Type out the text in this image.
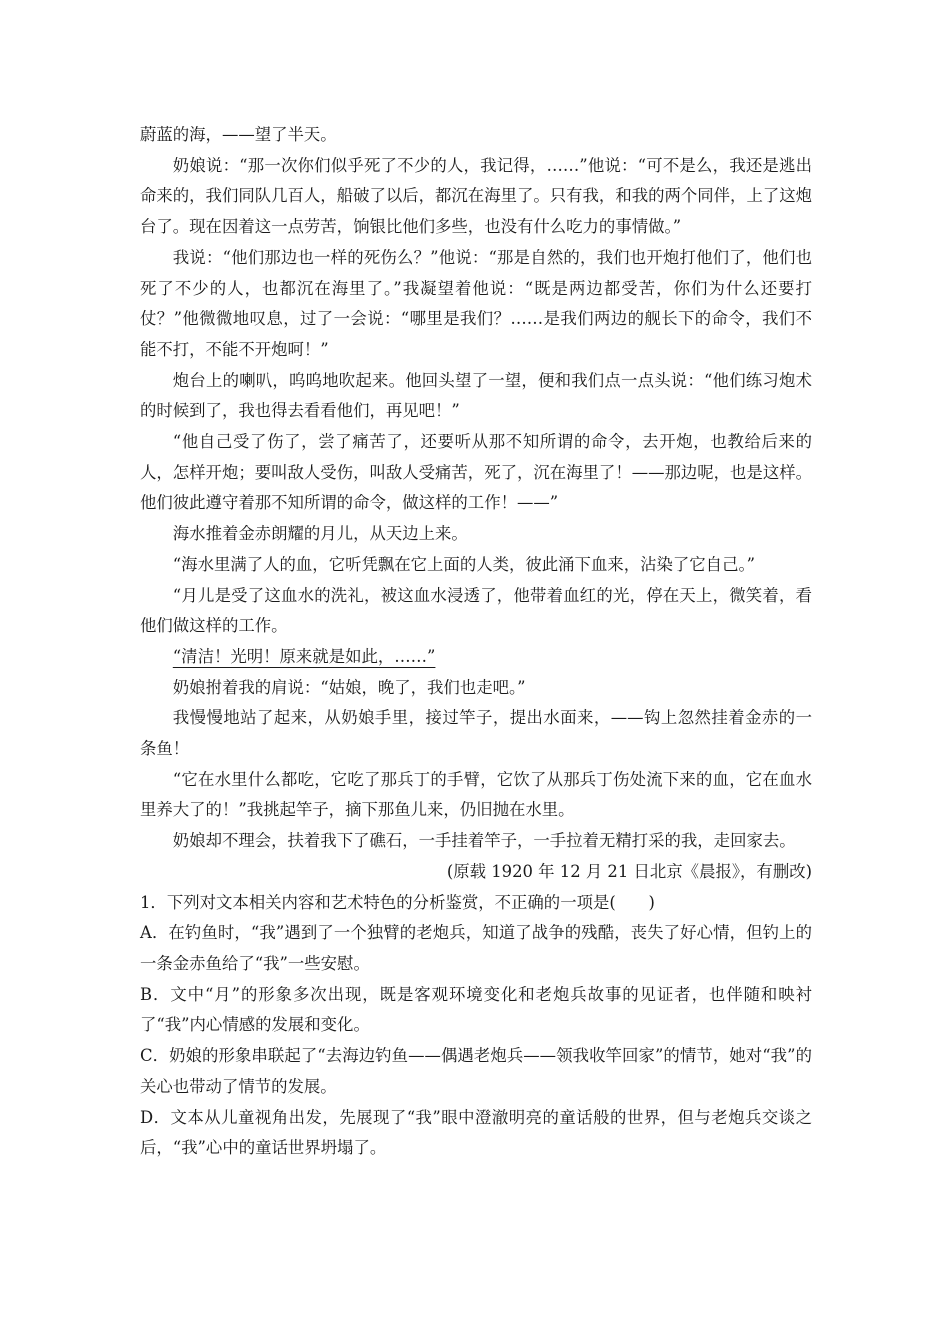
蔚蓝的海，——望了半天。

奶娘说：“那一次你们似乎死了不少的人，我记得，……”他说：“可不是么，我还是逃出命来的，我们同队几百人，船破了以后，都沉在海里了。只有我，和我的两个同伴，上了这炮台了。现在因着这一点劳苦，饷银比他们多些，也没有什么吃力的事情做。”

我说：“他们那边也一样的死伤么？”他说：“那是自然的，我们也开炮打他们了，他们也死了不少的人，也都沉在海里了。”我凝望着他说：“既是两边都受苦，你们为什么还要打仗？”他微微地叹息，过了一会说：“哪里是我们？……是我们两边的舰长下的命令，我们不能不打，不能不开炮呵！”

炮台上的喇叭，呜呜地吹起来。他回头望了一望，便和我们点一点头说：“他们练习炮术的时候到了，我也得去看看他们，再见吧！”

“他自己受了伤了，尝了痛苦了，还要听从那不知所谓的命令，去开炮，也教给后来的人，怎样开炮；要叫敌人受伤，叫敌人受痛苦，死了，沉在海里了！——那边呢，也是这样。他们彼此遵守着那不知所谓的命令，做这样的工作！——”

海水推着金赤朗耀的月儿，从天边上来。

“海水里满了人的血，它听凭飘在它上面的人类，彼此涌下血来，沾染了它自己。”

“月儿是受了这血水的洗礼，被这血水浸透了，他带着血红的光，停在天上，微笑着，看他们做这样的工作。

“清洁！光明！原来就是如此，……”

奶娘拊着我的肩说：“姑娘，晚了，我们也走吧。”

我慢慢地站了起来，从奶娘手里，接过竿子，提出水面来，——钩上忽然挂着金赤的一条鱼！

“它在水里什么都吃，它吃了那兵丁的手臂，它饮了从那兵丁伤处流下来的血，它在血水里养大了的！”我挑起竿子，摘下那鱼儿来，仍旧抛在水里。

奶娘却不理会，扶着我下了礁石，一手挂着竿子，一手拉着无精打采的我，走回家去。

(原载 1920 年 12 月 21 日北京《晨报》，有删改)

1．下列对文本相关内容和艺术特色的分析鉴赏，不正确的一项是(　　)

A．在钓鱼时，“我”遇到了一个独臂的老炮兵，知道了战争的残酷，丧失了好心情，但钓上的一条金赤鱼给了“我”一些安慰。

B．文中“月”的形象多次出现，既是客观环境变化和老炮兵故事的见证者，也伴随和映衬了“我”内心情感的发展和变化。

C．奶娘的形象串联起了“去海边钓鱼——偶遇老炮兵——领我收竿回家”的情节，她对“我”的关心也带动了情节的发展。

D．文本从儿童视角出发，先展现了“我”眼中澄澈明亮的童话般的世界，但与老炮兵交谈之后，“我”心中的童话世界坍塌了。
